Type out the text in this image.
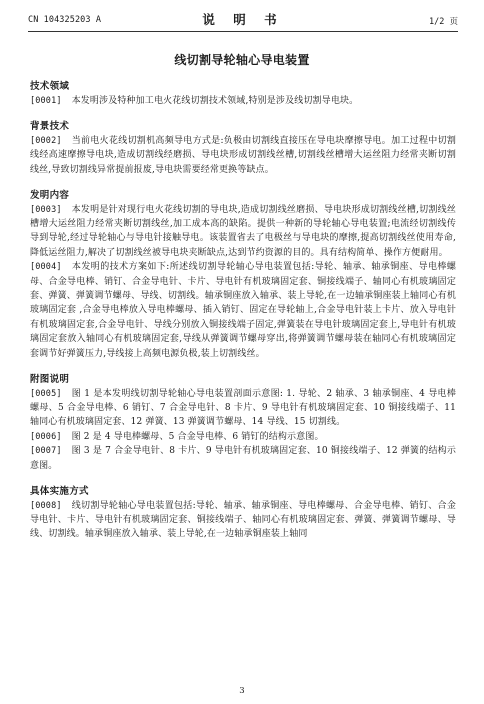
CN 104325203 A	说 明 书	1/2 页
线切割导轮轴心导电装置

技术领域

[0001] 本发明涉及特种加工电火花线切割技术领域,特别是涉及线切割导电块。

背景技术

[0002] 当前电火花线切割机高频导电方式是:负极由切割线直接压在导电块摩擦导电。加工过程中切割线经高速摩擦导电块,造成切割线经磨损、导电块形成切割线丝槽,切割线丝槽增大运丝阻力经常夹断切割线丝,导致切割线异常提前报废,导电块需要经常更换等缺点。

发明内容

[0003] 本发明是针对现行电火花线切割的导电块,造成切割线丝磨损、导电块形成切割线丝槽,切割线丝槽增大运丝阻力经常夹断切割线丝,加工成本高的缺陷。提供一种新的导轮轴心导电装置;电流经切割线传导到导轮,经过导轮轴心与导电针接触导电。该装置省去了电极丝与导电块的摩擦,提高切割线丝使用寿命, 降低运丝阻力,解决了切割线丝被导电块夹断缺点,达到节约资源的目的。具有结构简单、操作方便耐用。

[0004] 本发明的技术方案如下:所述线切割导轮轴心导电装置包括:导轮、轴承、轴承铜座、导电棒螺母、合金导电棒、销钉、合金导电针、卡片、导电针有机玻璃固定套、铜接线端子、轴同心有机玻璃固定套、弹簧、弹簧调节螺母、导线、切割线。轴承铜座放入轴承、装上导轮,在一边轴承铜座装上轴同心有机玻璃固定套 ,合金导电棒放入导电棒螺母、插入销钉、固定在导轮轴上,合金导电针装上卡片、放入导电针有机玻璃固定套,合金导电针、导线分别放入铜接线端子固定,弹簧装在导电针玻璃固定套上,导电针有机玻璃固定套放入轴同心有机玻璃固定套,导线从弹簧调节螺母穿出,将弹簧调节螺母装在轴同心有机玻璃固定套调节好弹簧压力,导线接上高频电源负极,装上切割线丝。

附图说明

[0005] 图 1 是本发明线切割导轮轴心导电装置剖面示意图: 1. 导轮、2 轴承、3 轴承铜座、4 导电棒螺母、5 合金导电棒、6 销钉、7 合金导电针、8 卡片、9 导电针有机玻璃固定套、10 铜接线端子、11 轴同心有机玻璃固定套、12 弹簧、13 弹簧调节螺母、14 导线、15 切割线。

[0006] 图 2 是 4 导电棒螺母、5 合金导电棒、6 销钉的结构示意图。

[0007] 图 3 是 7 合金导电针、8 卡片、9 导电针有机玻璃固定套、10 铜接线端子、12 弹簧的结构示意图。

具体实施方式

[0008] 线切割导轮轴心导电装置包括:导轮、轴承、轴承铜座、导电棒螺母、合金导电棒、销钉、合金导电针、卡片、导电针有机玻璃固定套、铜接线端子、轴同心有机玻璃固定套、弹簧、弹簧调节螺母、导线、切割线。轴承铜座放入轴承、装上导轮,在一边轴承铜座装上轴同

3
